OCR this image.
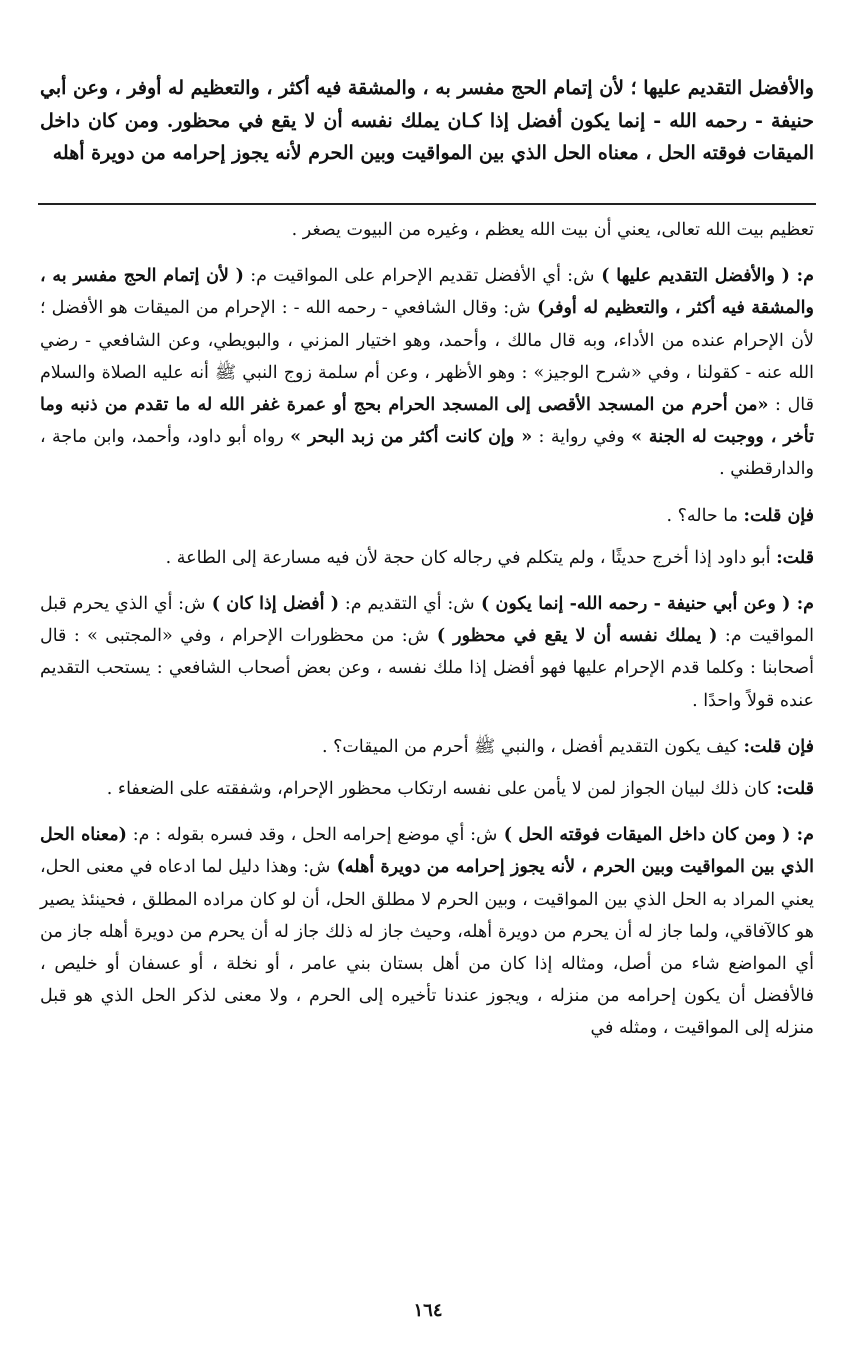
والأفضل التقديم عليها ؛ لأن إتمام الحج مفسر به ، والمشقة فيه أكثر ، والتعظيم له أوفر ، وعن أبي حنيفة - رحمه الله - إنما يكون أفضل إذا كـان يملك نفسه أن لا يقع في محظور. ومن كان داخل الميقات فوقته الحل ، معناه الحل الذي بين المواقيت وبين الحرم لأنه يجوز إحرامه من دويرة أهله

تعظيم بيت الله تعالى، يعني أن بيت الله يعظم ، وغيره من البيوت يصغر .

م: ( والأفضل التقديم عليها ) ش: أي الأفضل تقديم الإحرام على المواقيت م: ( لأن إتمام الحج مفسر به ، والمشقة فيه أكثر ، والتعظيم له أوفر) ش: وقال الشافعي - رحمه الله - : الإحرام من الميقات هو الأفضل ؛ لأن الإحرام عنده من الأداء، وبه قال مالك ، وأحمد، وهو اختيار المزني ، والبويطي، وعن الشافعي - رضي الله عنه - كقولنا ، وفي «شرح الوجيز» : وهو الأظهر ، وعن أم سلمة زوج النبي ﷺ أنه عليه الصلاة والسلام قال : «من أحرم من المسجد الأقصى إلى المسجد الحرام بحج أو عمرة غفر الله له ما تقدم من ذنبه وما تأخر ، ووجبت له الجنة » وفي رواية : « وإن كانت أكثر من زبد البحر » رواه أبو داود، وأحمد، وابن ماجة ، والدارقطني .

فإن قلت: ما حاله؟ .

قلت: أبو داود إذا أخرج حديثًا ، ولم يتكلم في رجاله كان حجة لأن فيه مسارعة إلى الطاعة .

م: ( وعن أبي حنيفة - رحمه الله- إنما يكون ) ش: أي التقديم م: ( أفضل إذا كان ) ش: أي الذي يحرم قبل المواقيت م: ( يملك نفسه أن لا يقع في محظور ) ش: من محظورات الإحرام ، وفي «المجتبى » : قال أصحابنا : وكلما قدم الإحرام عليها فهو أفضل إذا ملك نفسه ، وعن بعض أصحاب الشافعي : يستحب التقديم عنده قولاً واحدًا .

فإن قلت: كيف يكون التقديم أفضل ، والنبي ﷺ أحرم من الميقات؟ .

قلت: كان ذلك لبيان الجواز لمن لا يأمن على نفسه ارتكاب محظور الإحرام، وشفقته على الضعفاء .

م: ( ومن كان داخل الميقات فوقته الحل ) ش: أي موضع إحرامه الحل ، وقد فسره بقوله : م: (معناه الحل الذي بين المواقيت وبين الحرم ، لأنه يجوز إحرامه من دويرة أهله) ش: وهذا دليل لما ادعاه في معنى الحل، يعني المراد به الحل الذي بين المواقيت ، وبين الحرم لا مطلق الحل، أن لو كان مراده المطلق ، فحينئذ يصير هو كالآفاقي، ولما جاز له أن يحرم من دويرة أهله، وحيث جاز له ذلك جاز له أن يحرم من دويرة أهله جاز من أي المواضع شاء من أصل، ومثاله إذا كان من أهل بستان بني عامر ، أو نخلة ، أو عسفان أو خليص ، فالأفضل أن يكون إحرامه من منزله ، ويجوز عندنا تأخيره إلى الحرم ، ولا معنى لذكر الحل الذي هو قبل منزله إلى المواقيت ، ومثله في

١٦٤
